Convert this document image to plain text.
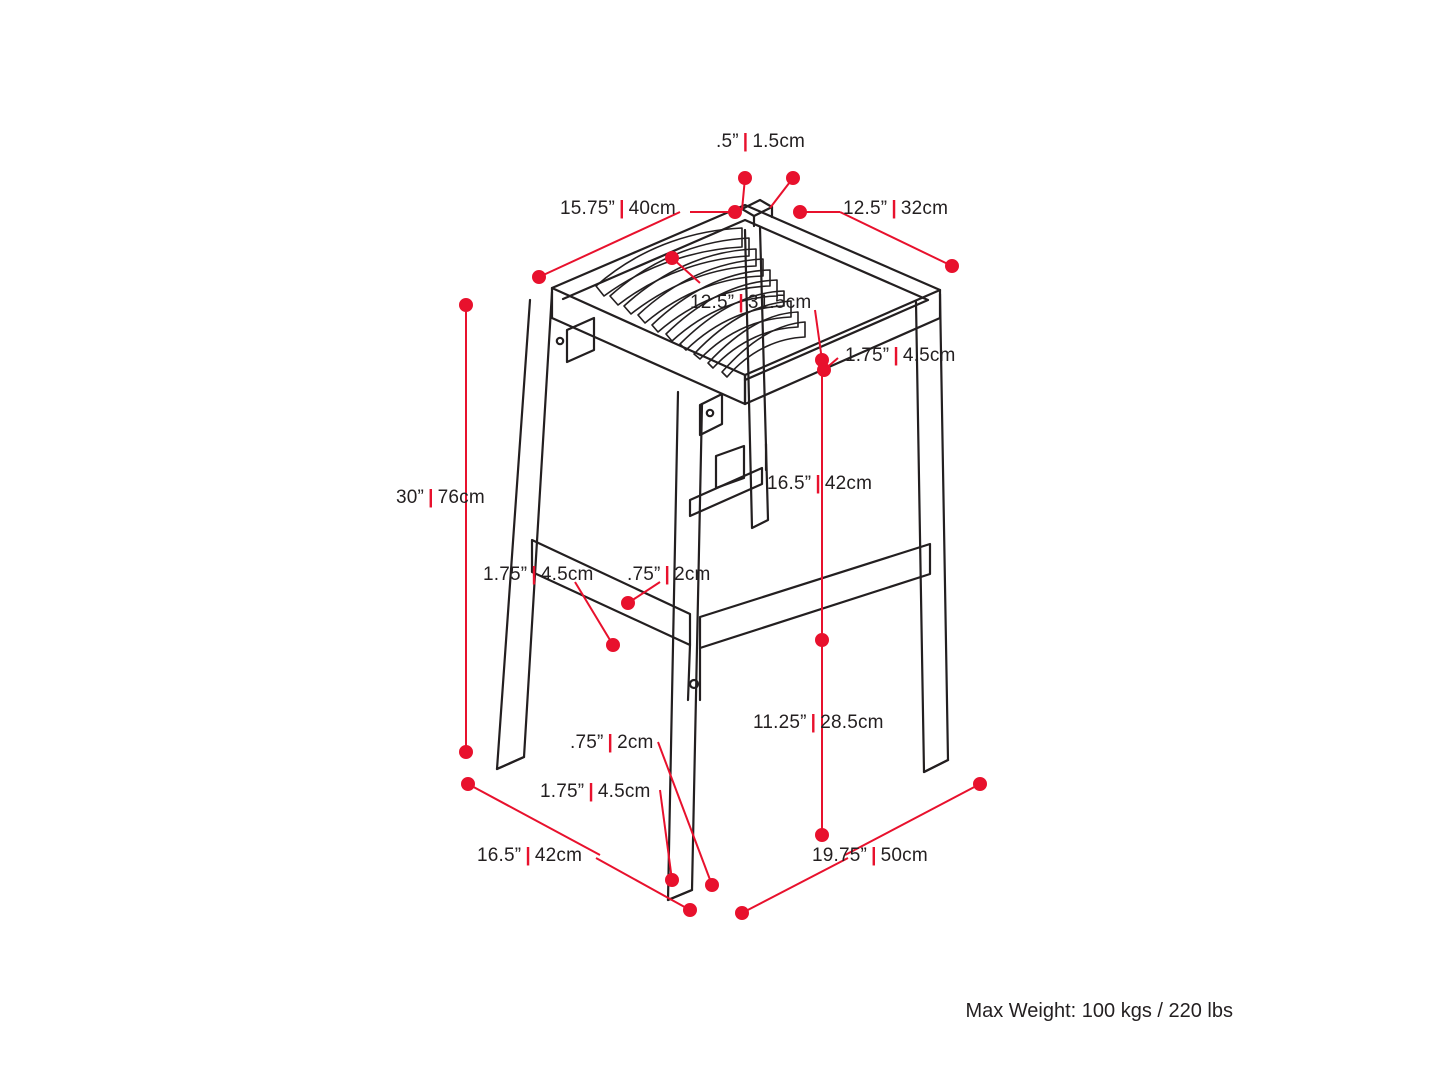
.5” | 1.5cm
15.75” | 40cm	12.5” | 32cm
12.5” | 31.5cm
1.75” | 4.5cm
30” | 76cm
16.5” | 42cm
1.75” | 4.5cm .75” | 2cm
11.25” | 28.5cm
.75” | 2cm
1.75” | 4.5cm
16.5” | 42cm	19.75” | 50cm
Max Weight: 100 kgs / 220 lbs
